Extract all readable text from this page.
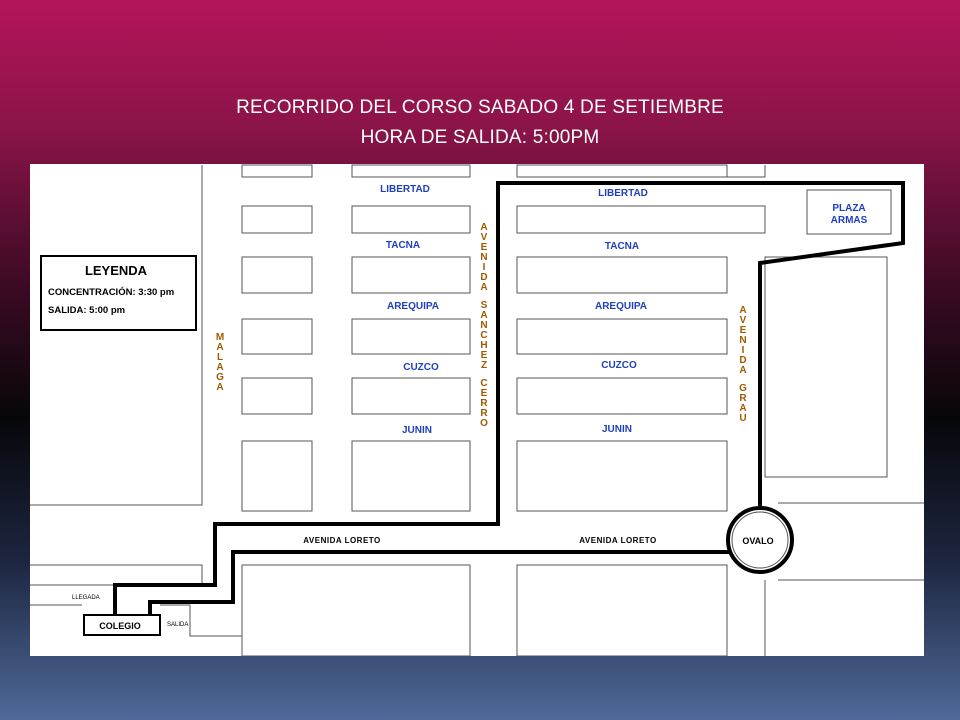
RECORRIDO DEL CORSO SABADO 4 DE SETIEMBRE
HORA DE SALIDA: 5:00PM
PLAZA
ARMAS
LEYENDA
CONCENTRACIÓN: 3:30 pm
SALIDA: 5:00 pm
OVALO
COLEGIO
LLEGADA
SALIDA
LIBERTAD	LIBERTAD
TACNA	TACNA
AREQUIPA	AREQUIPA
CUZCO	CUZCO
JUNIN	JUNIN
AVENIDA LORETO	AVENIDA LORETO
M A L A G A
A V E N I D A S A N C H E Z C E R R O
A V E N I D A G R A U
